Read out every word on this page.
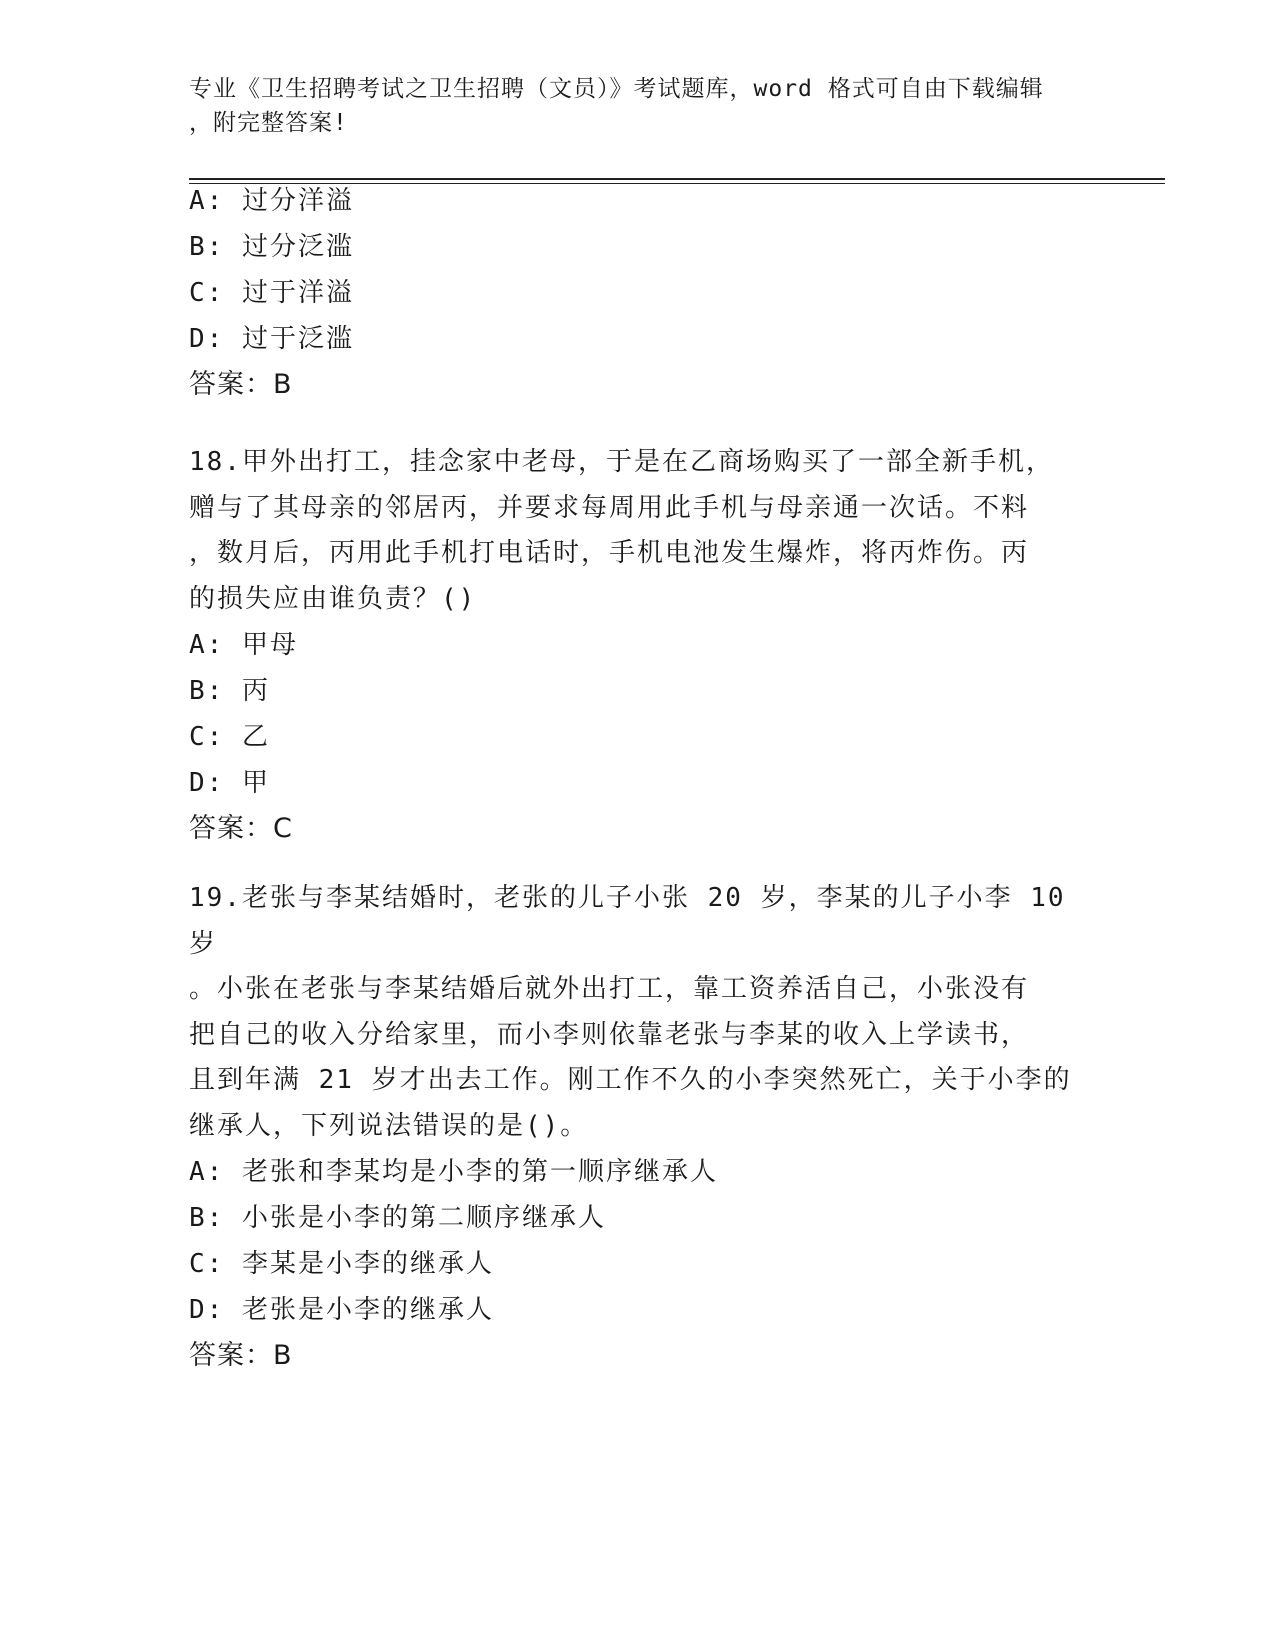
专业《卫生招聘考试之卫生招聘（文员）》考试题库，word 格式可自由下载编辑
，附完整答案!
A: 过分洋溢
B: 过分泛滥
C: 过于洋溢
D: 过于泛滥
答案：B
18.甲外出打工，挂念家中老母，于是在乙商场购买了一部全新手机，
赠与了其母亲的邻居丙，并要求每周用此手机与母亲通一次话。不料
，数月后，丙用此手机打电话时，手机电池发生爆炸，将丙炸伤。丙
的损失应由谁负责？()
A: 甲母
B: 丙
C: 乙
D: 甲
答案：C
19.老张与李某结婚时，老张的儿子小张 20 岁，李某的儿子小李 10 岁
。小张在老张与李某结婚后就外出打工，靠工资养活自己，小张没有
把自己的收入分给家里，而小李则依靠老张与李某的收入上学读书，
且到年满 21 岁才出去工作。刚工作不久的小李突然死亡，关于小李的
继承人，下列说法错误的是()。
A: 老张和李某均是小李的第一顺序继承人
B: 小张是小李的第二顺序继承人
C: 李某是小李的继承人
D: 老张是小李的继承人
答案：B
